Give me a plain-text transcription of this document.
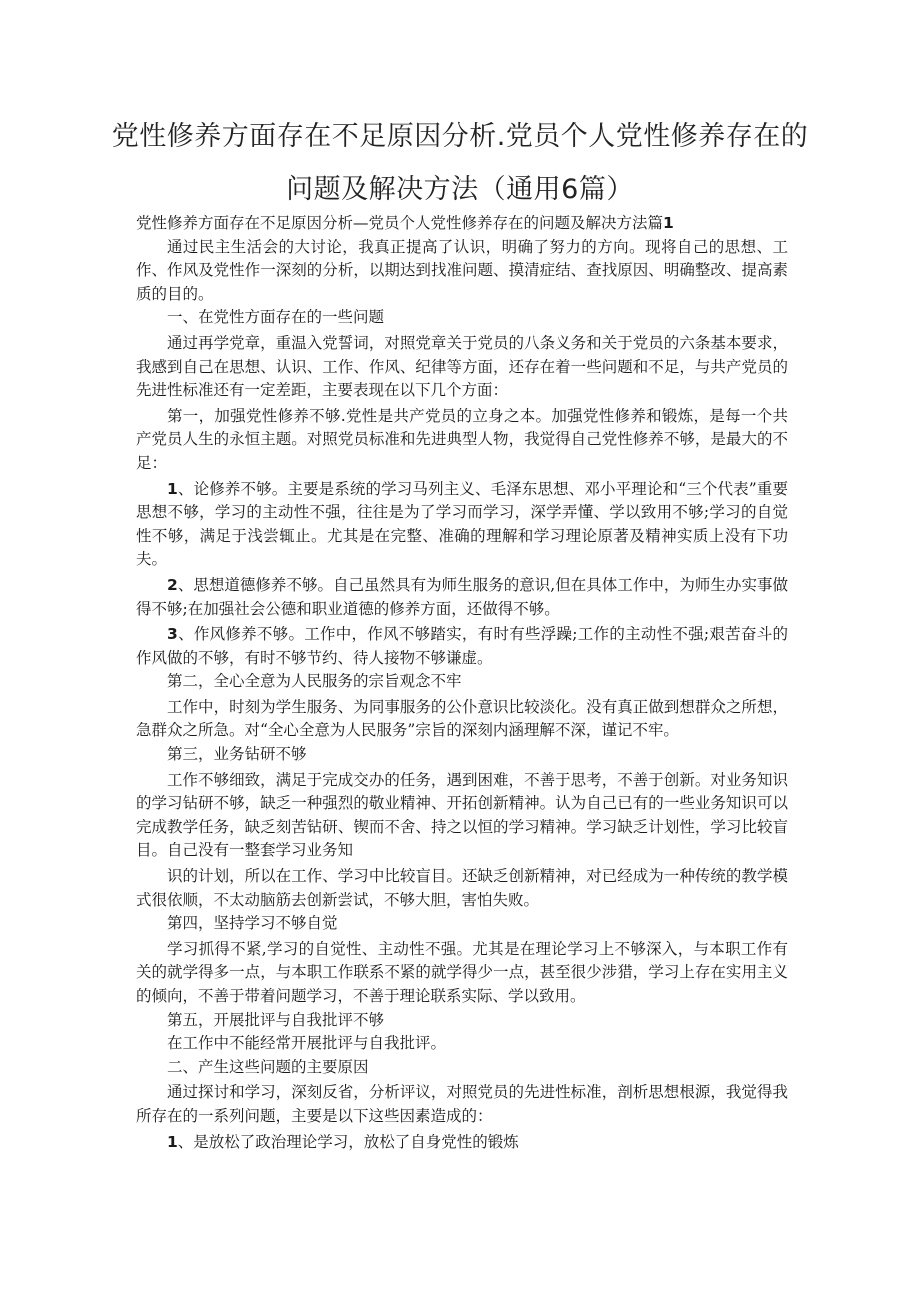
党性修养方面存在不足原因分析.党员个人党性修养存在的
问题及解决方法（通用6篇）

党性修养方面存在不足原因分析—党员个人党性修养存在的问题及解决方法篇1

通过民主生活会的大讨论，我真正提高了认识，明确了努力的方向。现将自己的思想、工作、作风及党性作一深刻的分析，以期达到找准问题、摸清症结、查找原因、明确整改、提高素质的目的。

一、在党性方面存在的一些问题

通过再学党章，重温入党誓词，对照党章关于党员的八条义务和关于党员的六条基本要求，我感到自己在思想、认识、工作、作风、纪律等方面，还存在着一些问题和不足，与共产党员的先进性标准还有一定差距，主要表现在以下几个方面：

第一，加强党性修养不够.党性是共产党员的立身之本。加强党性修养和锻炼，是每一个共产党员人生的永恒主题。对照党员标准和先进典型人物，我觉得自己党性修养不够，是最大的不足：

1、论修养不够。主要是系统的学习马列主义、毛泽东思想、邓小平理论和“三个代表”重要思想不够，学习的主动性不强，往往是为了学习而学习，深学弄懂、学以致用不够;学习的自觉性不够，满足于浅尝辄止。尤其是在完整、准确的理解和学习理论原著及精神实质上没有下功夫。

2、思想道德修养不够。自己虽然具有为师生服务的意识,但在具体工作中，为师生办实事做得不够;在加强社会公德和职业道德的修养方面，还做得不够。

3、作风修养不够。工作中，作风不够踏实，有时有些浮躁;工作的主动性不强;艰苦奋斗的作风做的不够，有时不够节约、待人接物不够谦虚。

第二，全心全意为人民服务的宗旨观念不牢

工作中，时刻为学生服务、为同事服务的公仆意识比较淡化。没有真正做到想群众之所想，急群众之所急。对“全心全意为人民服务”宗旨的深刻内涵理解不深，谨记不牢。

第三，业务钻研不够

工作不够细致，满足于完成交办的任务，遇到困难，不善于思考，不善于创新。对业务知识的学习钻研不够，缺乏一种强烈的敬业精神、开拓创新精神。认为自己已有的一些业务知识可以完成教学任务，缺乏刻苦钻研、锲而不舍、持之以恒的学习精神。学习缺乏计划性，学习比较盲目。自己没有一整套学习业务知

识的计划，所以在工作、学习中比较盲目。还缺乏创新精神，对已经成为一种传统的教学模式很依顺，不太动脑筋去创新尝试，不够大胆，害怕失败。

第四，坚持学习不够自觉

学习抓得不紧,学习的自觉性、主动性不强。尤其是在理论学习上不够深入，与本职工作有关的就学得多一点，与本职工作联系不紧的就学得少一点，甚至很少涉猎，学习上存在实用主义的倾向，不善于带着问题学习，不善于理论联系实际、学以致用。

第五，开展批评与自我批评不够

在工作中不能经常开展批评与自我批评。

二、产生这些问题的主要原因

通过探讨和学习，深刻反省，分析评议，对照党员的先进性标准，剖析思想根源，我觉得我所存在的一系列问题，主要是以下这些因素造成的：

1、是放松了政治理论学习，放松了自身党性的锻炼
